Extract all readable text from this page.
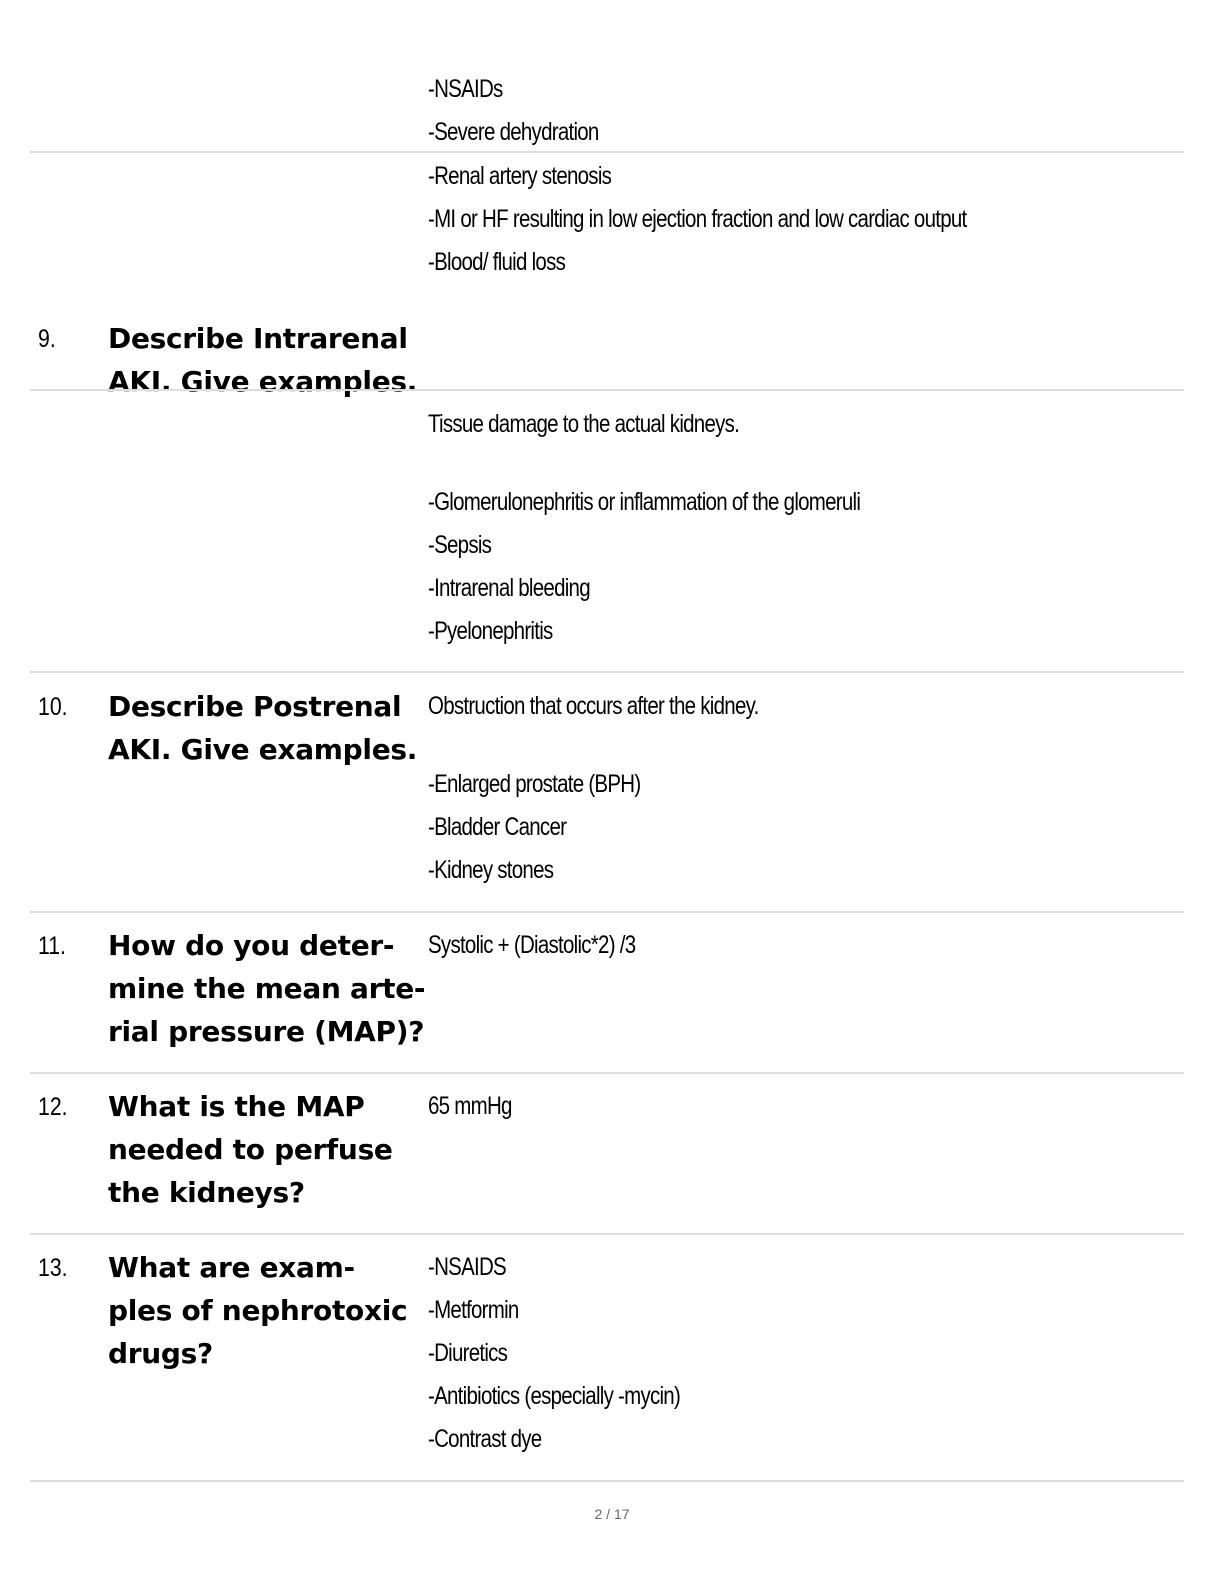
-NSAIDs
-Severe dehydration
-Renal artery stenosis
-MI or HF resulting in low ejection fraction and low cardiac output
-Blood/ fluid loss
9. Describe Intrarenal
AKI. Give examples.
Tissue damage to the actual kidneys.
-Glomerulonephritis or inflammation of the glomeruli
-Sepsis
-Intrarenal bleeding
-Pyelonephritis
10. Describe Postrenal
AKI. Give examples.
Obstruction that occurs after the kidney.
-Enlarged prostate (BPH)
-Bladder Cancer
-Kidney stones
11. How do you deter-
mine the mean arte-
rial pressure (MAP)?
Systolic + (Diastolic*2) /3
12. What is the MAP
needed to perfuse
the kidneys?
65 mmHg
13. What are exam-
ples of nephrotoxic
drugs?
-NSAIDS
-Metformin
-Diuretics
-Antibiotics (especially -mycin)
-Contrast dye
2 / 17
